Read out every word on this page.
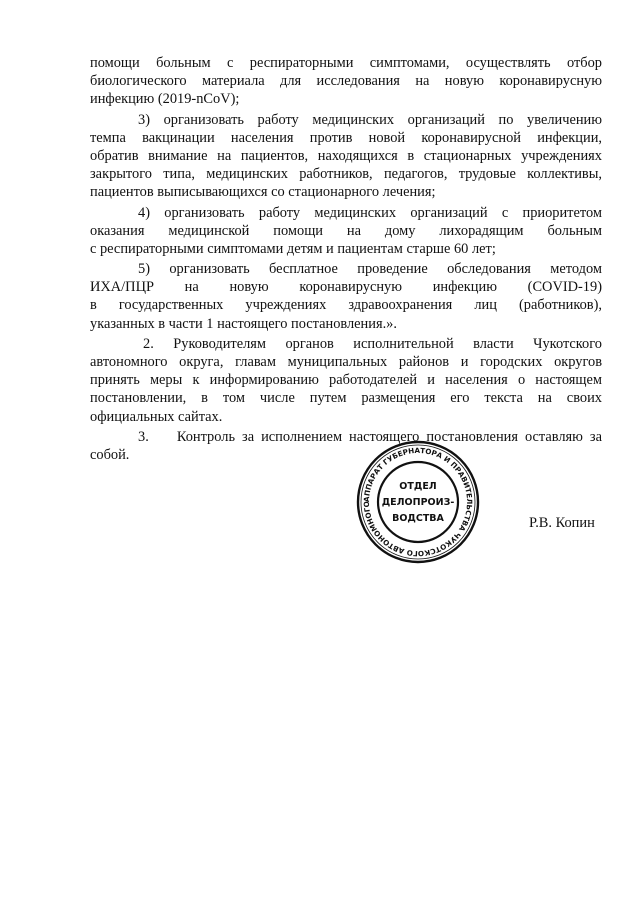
помощи больным с респираторными симптомами, осуществлять отбор
биологического материала для исследования на новую коронавирусную
инфекцию (2019-nCoV);
3) организовать работу медицинских организаций по увеличению
темпа вакцинации населения против новой коронавирусной инфекции,
обратив внимание на пациентов, находящихся в стационарных учреждениях
закрытого типа, медицинских работников, педагогов, трудовые коллективы,
пациентов выписывающихся со стационарного лечения;
4) организовать работу медицинских организаций с приоритетом
оказания медицинской помощи на дому лихорадящим больным
с респираторными симптомами детям и пациентам старше 60 лет;
5) организовать бесплатное проведение обследования методом
ИХА/ПЦР на новую коронавирусную инфекцию (COVID-19)
в государственных учреждениях здравоохранения лиц (работников),
указанных в части 1 настоящего постановления.».
2. Руководителям органов исполнительной власти Чукотского
автономного округа, главам муниципальных районов и городских округов
принять меры к информированию работодателей и населения о настоящем
постановлении, в том числе путем размещения его текста на своих
официальных сайтах.
3.    Контроль за исполнением настоящего постановления оставляю за
собой.
АППАРАТ ГУБЕРНАТОРА И ПРАВИТЕЛЬСТВА ЧУКОТСКОГО АВТОНОМНОГО
ОТДЕЛ
ДЕЛОПРОИЗ-
ВОДСТВА	Р.В. Копин
